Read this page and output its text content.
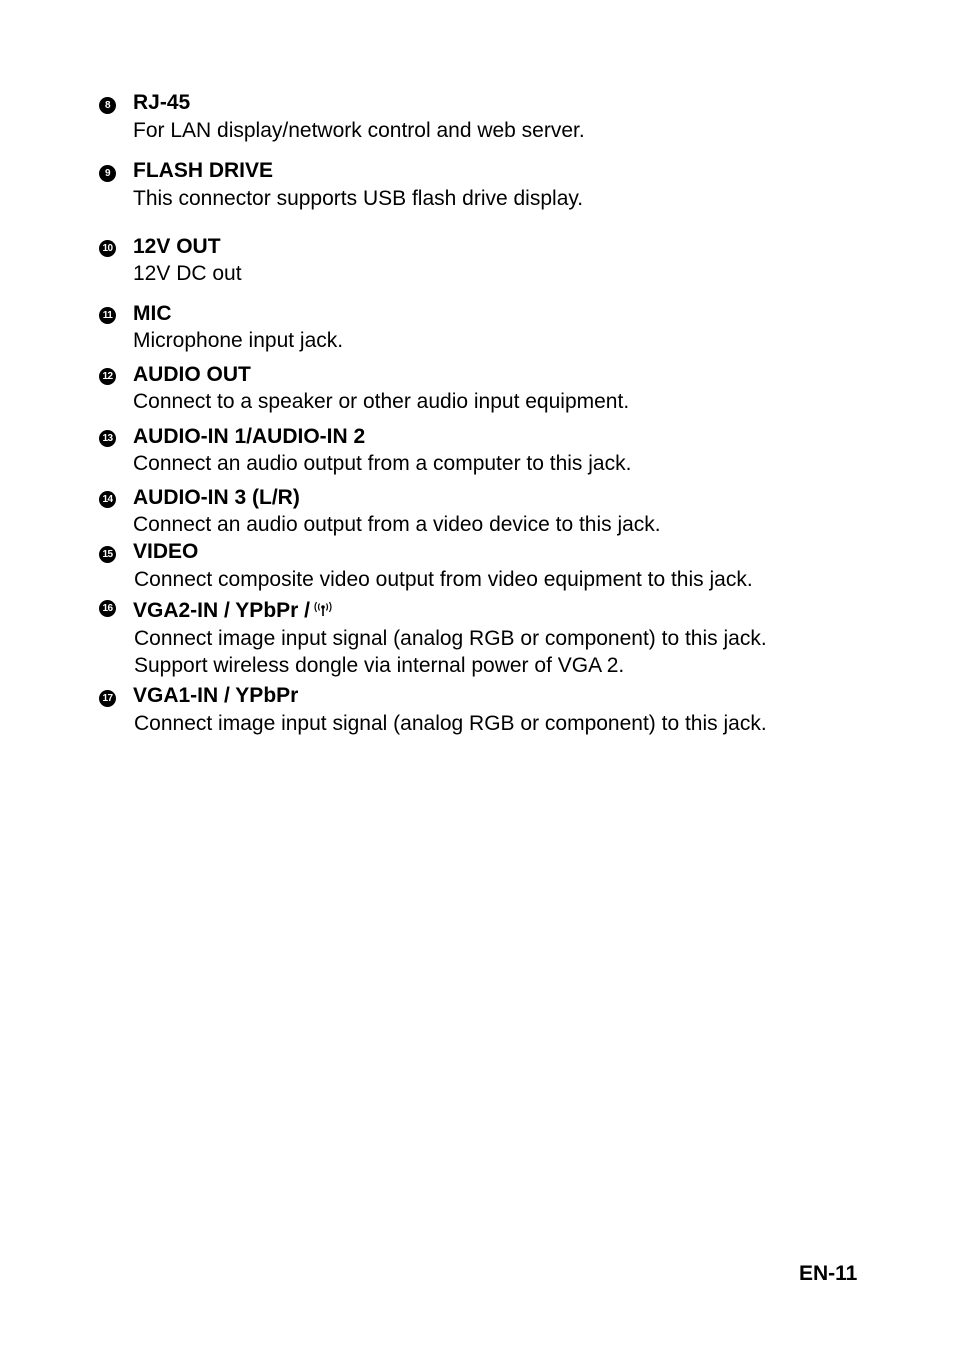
8 RJ-45
For LAN display/network control and web server.
9 FLASH DRIVE
This connector supports USB flash drive display.
10 12V OUT
12V DC out
11 MIC
Microphone input jack.
12 AUDIO OUT
Connect to a speaker or other audio input equipment.
13 AUDIO-IN 1/AUDIO-IN 2
Connect an audio output from a computer to this jack.
14 AUDIO-IN 3 (L/R)
Connect an audio output from a video device to this jack.
15 VIDEO
Connect composite video output from video equipment to this jack.
16 VGA2-IN / YPbPr /
Connect image input signal (analog RGB or component) to this jack.
Support wireless dongle via internal power of VGA 2.
17 VGA1-IN / YPbPr
Connect image input signal (analog RGB or component) to this jack.
EN-11
